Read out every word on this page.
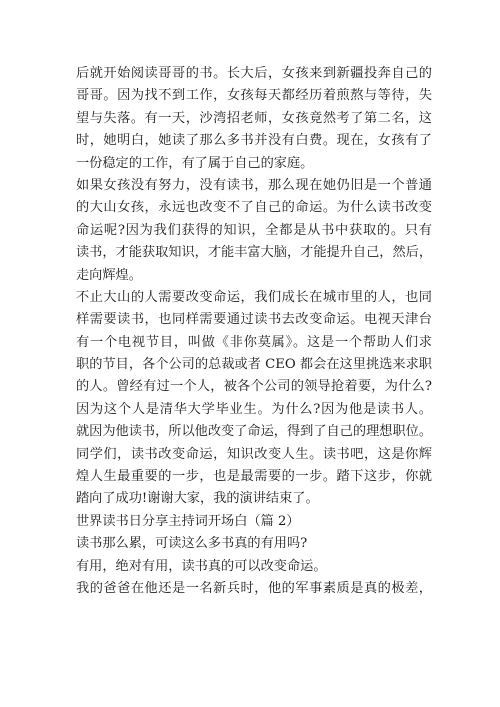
后就开始阅读哥哥的书。长大后，女孩来到新疆投奔自己的
哥哥。因为找不到工作，女孩每天都经历着煎熬与等待，失
望与失落。有一天，沙湾招老师，女孩竟然考了第二名，这
时，她明白，她读了那么多书并没有白费。现在，女孩有了
一份稳定的工作，有了属于自己的家庭。
如果女孩没有努力，没有读书，那么现在她仍旧是一个普通
的大山女孩，永远也改变不了自己的命运。为什么读书改变
命运呢?因为我们获得的知识，全都是从书中获取的。只有
读书，才能获取知识，才能丰富大脑，才能提升自己，然后，
走向辉煌。
不止大山的人需要改变命运，我们成长在城市里的人，也同
样需要读书，也同样需要通过读书去改变命运。电视天津台
有一个电视节目，叫做《非你莫属》。这是一个帮助人们求
职的节目，各个公司的总裁或者 CEO 都会在这里挑选来求职
的人。曾经有过一个人，被各个公司的领导抢着要，为什么?
因为这个人是清华大学毕业生。为什么?因为他是读书人。
就因为他读书，所以他改变了命运，得到了自己的理想职位。
同学们，读书改变命运，知识改变人生。读书吧，这是你辉
煌人生最重要的一步，也是最需要的一步。踏下这步，你就
踏向了成功!谢谢大家，我的演讲结束了。
世界读书日分享主持词开场白（篇 2）
读书那么累，可读这么多书真的有用吗?
有用，绝对有用，读书真的可以改变命运。
我的爸爸在他还是一名新兵时，他的军事素质是真的极差，
